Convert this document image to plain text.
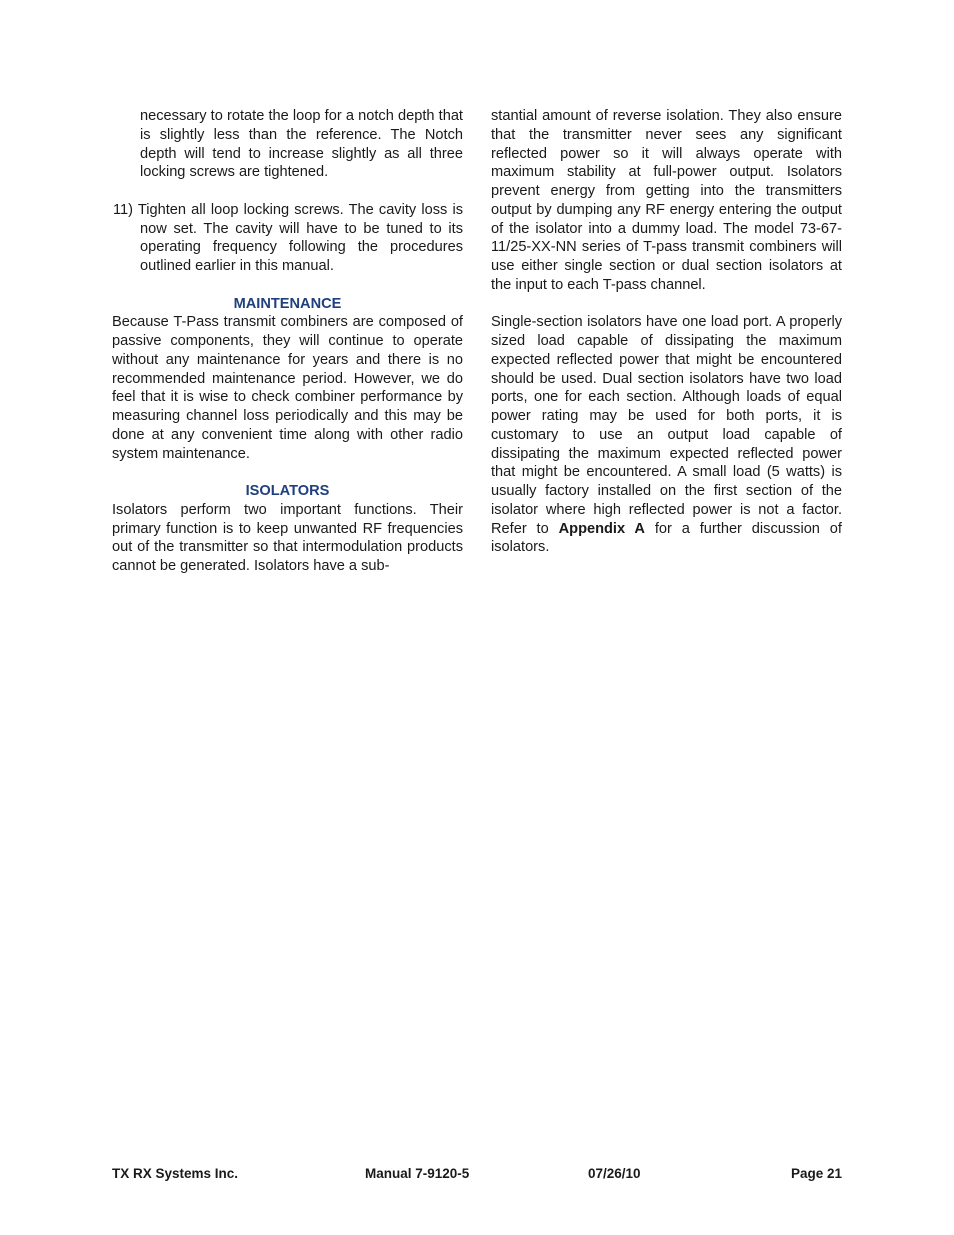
necessary to rotate the loop for a notch depth that is slightly less than the reference. The Notch depth will tend to increase slightly as all three locking screws are tightened.

11) Tighten all loop locking screws. The cavity loss is now set. The cavity will have to be tuned to its operating frequency following the procedures outlined earlier in this manual.

MAINTENANCE

Because T-Pass transmit combiners are composed of passive components, they will continue to operate without any maintenance for years and there is no recommended maintenance period. However, we do feel that it is wise to check combiner performance by measuring channel loss periodically and this may be done at any convenient time along with other radio system maintenance.

ISOLATORS

Isolators perform two important functions. Their primary function is to keep unwanted RF frequencies out of the transmitter so that intermodulation products cannot be generated. Isolators have a sub-

stantial amount of reverse isolation. They also ensure that the transmitter never sees any significant reflected power so it will always operate with maximum stability at full-power output. Isolators prevent energy from getting into the transmitters output by dumping any RF energy entering the output of the isolator into a dummy load. The model 73-67-11/25-XX-NN series of T-pass transmit combiners will use either single section or dual section isolators at the input to each T-pass channel.

Single-section isolators have one load port. A properly sized load capable of dissipating the maximum expected reflected power that might be encountered should be used. Dual section isolators have two load ports, one for each section. Although loads of equal power rating may be used for both ports, it is customary to use an output load capable of dissipating the maximum expected reflected power that might be encountered. A small load (5 watts) is usually factory installed on the first section of the isolator where high reflected power is not a factor. Refer to Appendix A for a further discussion of isolators.

TX RX Systems Inc.	Manual 7-9120-5	07/26/10	Page 21
